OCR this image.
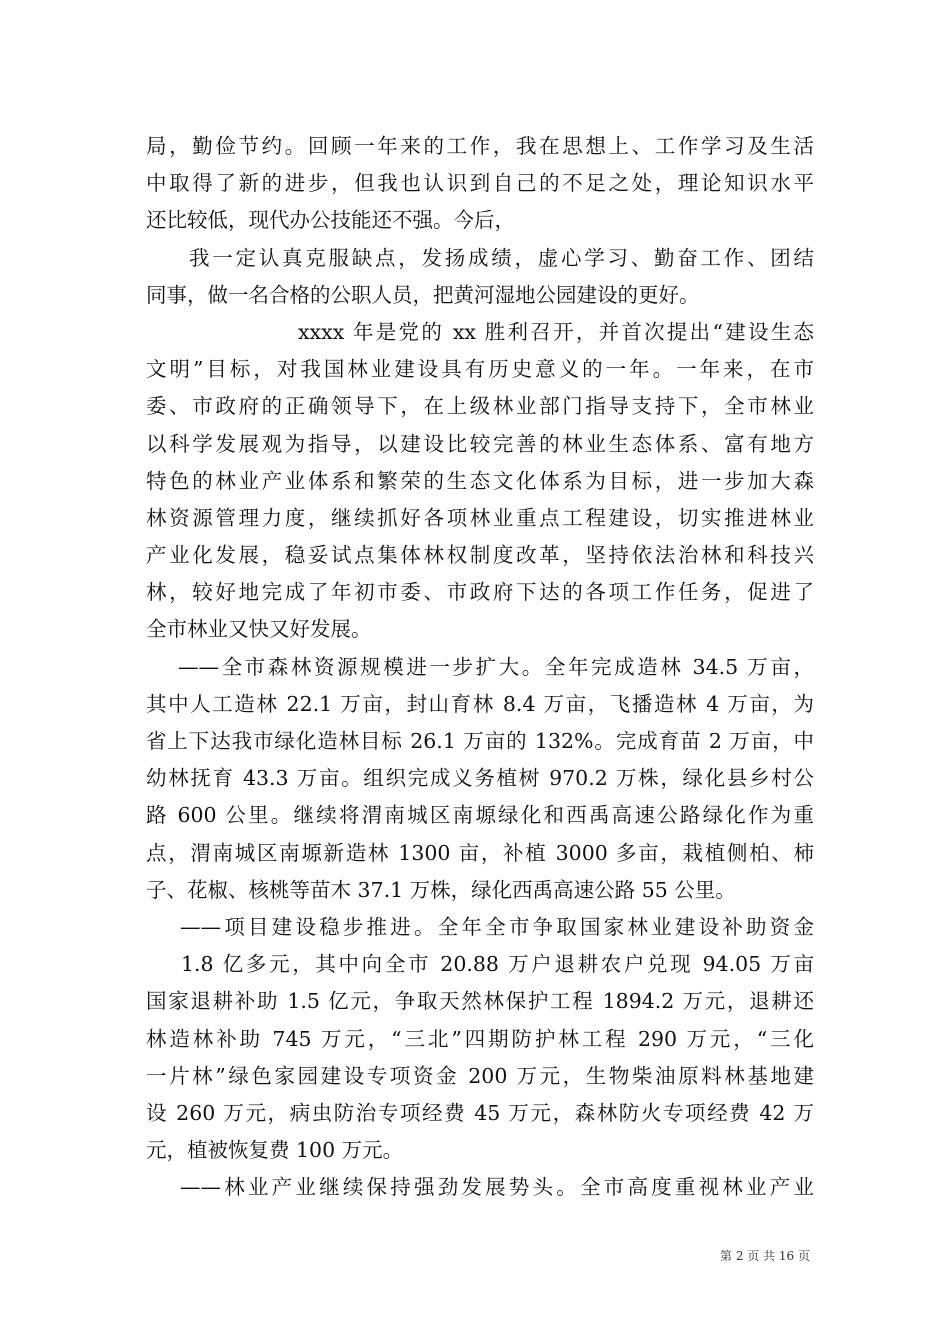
局，勤俭节约。回顾一年来的工作，我在思想上、工作学习及生活
中取得了新的进步，但我也认识到自己的不足之处，理论知识水平
还比较低，现代办公技能还不强。今后，
我一定认真克服缺点，发扬成绩，虚心学习、勤奋工作、团结
同事，做一名合格的公职人员，把黄河湿地公园建设的更好。
xxxx 年是党的 xx 胜利召开，并首次提出“建设生态
文明”目标，对我国林业建设具有历史意义的一年。一年来，在市
委、市政府的正确领导下，在上级林业部门指导支持下，全市林业
以科学发展观为指导，以建设比较完善的林业生态体系、富有地方
特色的林业产业体系和繁荣的生态文化体系为目标，进一步加大森
林资源管理力度，继续抓好各项林业重点工程建设，切实推进林业
产业化发展，稳妥试点集体林权制度改革，坚持依法治林和科技兴
林，较好地完成了年初市委、市政府下达的各项工作任务，促进了
全市林业又快又好发展。
——全市森林资源规模进一步扩大。全年完成造林 34.5 万亩，
其中人工造林 22.1 万亩，封山育林 8.4 万亩，飞播造林 4 万亩，为
省上下达我市绿化造林目标 26.1 万亩的 132%。完成育苗 2 万亩，中
幼林抚育 43.3 万亩。组织完成义务植树 970.2 万株，绿化县乡村公
路 600 公里。继续将渭南城区南塬绿化和西禹高速公路绿化作为重
点，渭南城区南塬新造林 1300 亩，补植 3000 多亩，栽植侧柏、柿
子、花椒、核桃等苗木 37.1 万株，绿化西禹高速公路 55 公里。
——项目建设稳步推进。全年全市争取国家林业建设补助资金
1.8 亿多元，其中向全市 20.88 万户退耕农户兑现 94.05 万亩
国家退耕补助 1.5 亿元，争取天然林保护工程 1894.2 万元，退耕还
林造林补助 745 万元，“三北”四期防护林工程 290 万元，“三化
一片林”绿色家园建设专项资金 200 万元，生物柴油原料林基地建
设 260 万元，病虫防治专项经费 45 万元，森林防火专项经费 42 万
元，植被恢复费 100 万元。
——林业产业继续保持强劲发展势头。全市高度重视林业产业
第 2 页 共 16 页
